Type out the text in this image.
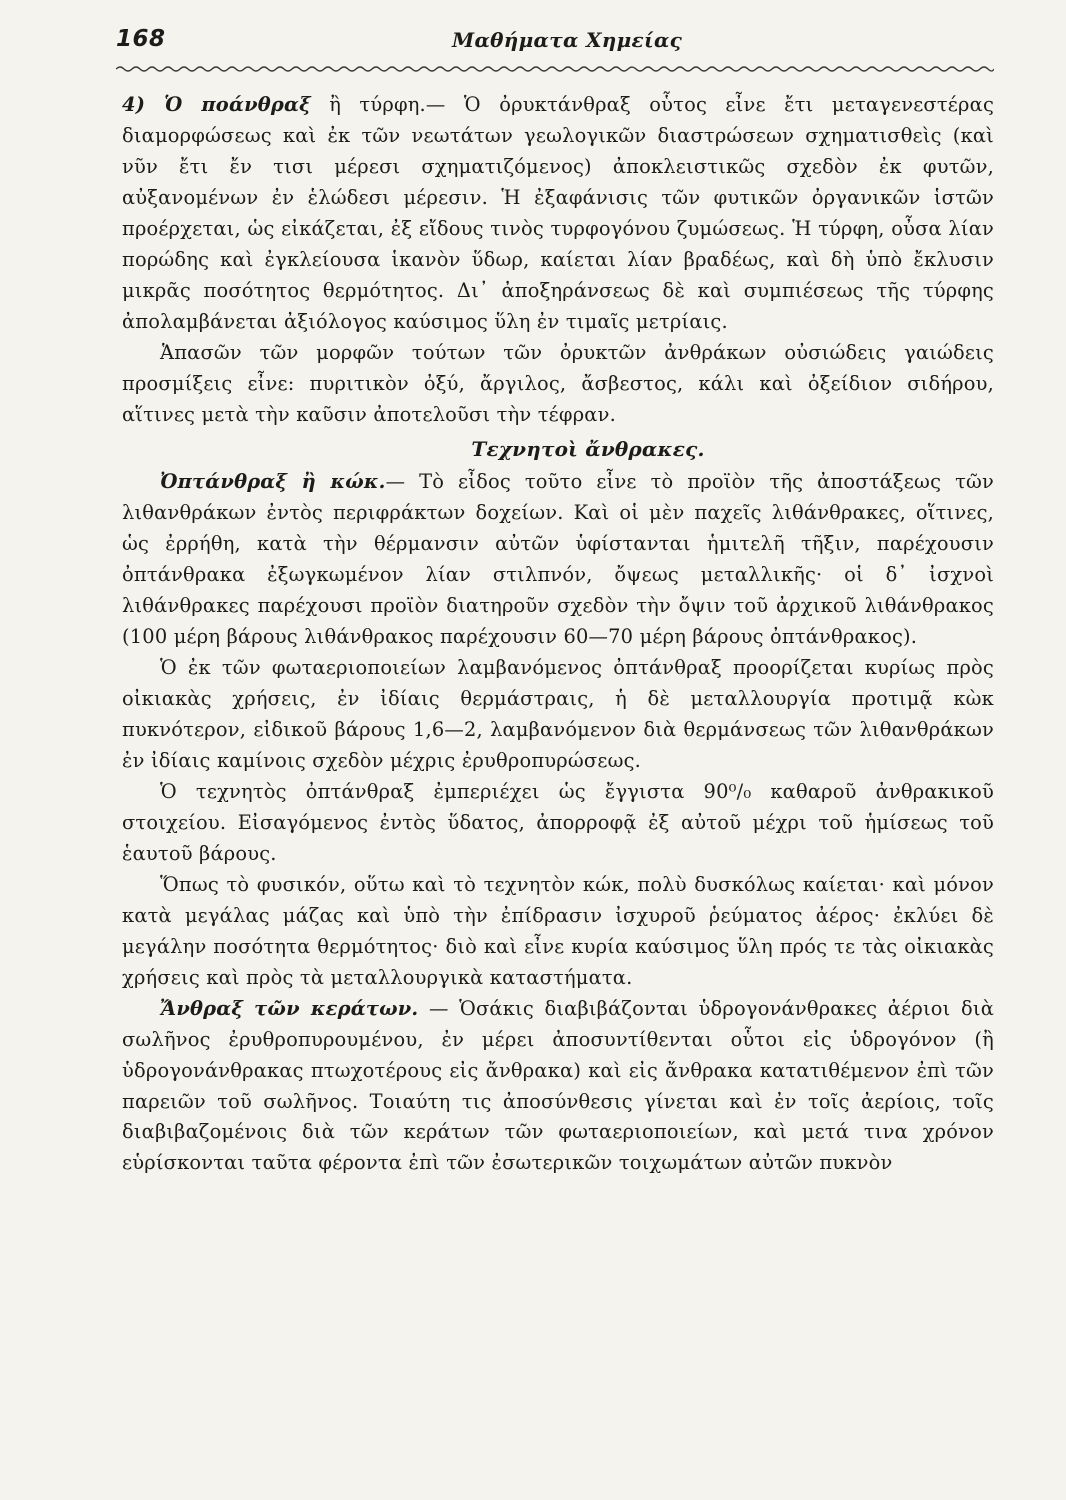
168	Μαθήματα Χημείας

4) Ὁ ποάνθραξ ἢ τύρφη.— Ὁ ὀρυκτάνθραξ οὗτος εἶνε ἔτι μεταγενεστέρας διαμορφώσεως καὶ ἐκ τῶν νεωτάτων γεωλογικῶν διαστρώσεων σχηματισθεὶς (καὶ νῦν ἔτι ἔν τισι μέρεσι σχηματιζόμενος) ἀποκλειστικῶς σχεδὸν ἐκ φυτῶν, αὐξανομένων ἐν ἑλώδεσι μέρεσιν. Ἡ ἐξαφάνισις τῶν φυτικῶν ὀργανικῶν ἱστῶν προέρχεται, ὡς εἰκάζεται, ἐξ εἴδους τινὸς τυρφογόνου ζυμώσεως. Ἡ τύρφη, οὖσα λίαν πορώδης καὶ ἐγκλείουσα ἱκανὸν ὕδωρ, καίεται λίαν βραδέως, καὶ δὴ ὑπὸ ἔκλυσιν μικρᾶς ποσότητος θερμότητος. Δι᾿ ἀποξηράνσεως δὲ καὶ συμπιέσεως τῆς τύρφης ἀπολαμβάνεται ἀξιόλογος καύσιμος ὕλη ἐν τιμαῖς μετρίαις.

Ἁπασῶν τῶν μορφῶν τούτων τῶν ὀρυκτῶν ἀνθράκων οὐσιώδεις γαιώδεις προσμίξεις εἶνε: πυριτικὸν ὀξύ, ἄργιλος, ἄσβεστος, κάλι καὶ ὀξείδιον σιδήρου, αἵτινες μετὰ τὴν καῦσιν ἀποτελοῦσι τὴν τέφραν.

Τεχνητοὶ ἄνθρακες.

Ὀπτάνθραξ ἢ κώκ.— Τὸ εἶδος τοῦτο εἶνε τὸ προϊὸν τῆς ἀποστάξεως τῶν λιθανθράκων ἐντὸς περιφράκτων δοχείων. Καὶ οἱ μὲν παχεῖς λιθάνθρακες, οἵτινες, ὡς ἐρρήθη, κατὰ τὴν θέρμανσιν αὐτῶν ὑφίστανται ἡμιτελῆ τῆξιν, παρέχουσιν ὀπτάνθρακα ἐξωγκωμένον λίαν στιλπνόν, ὄψεως μεταλλικῆς· οἱ δ᾿ ἰσχνοὶ λιθάνθρακες παρέχουσι προϊὸν διατηροῦν σχεδὸν τὴν ὄψιν τοῦ ἀρχικοῦ λιθάνθρακος (100 μέρη βάρους λιθάνθρακος παρέχουσιν 60—70 μέρη βάρους ὀπτάνθρακος).

Ὁ ἐκ τῶν φωταεριοποιείων λαμβανόμενος ὀπτάνθραξ προορίζεται κυρίως πρὸς οἰκιακὰς χρήσεις, ἐν ἰδίαις θερμάστραις, ἡ δὲ μεταλλουργία προτιμᾷ κὼκ πυκνότερον, εἰδικοῦ βάρους 1,6—2, λαμβανόμενον διὰ θερμάνσεως τῶν λιθανθράκων ἐν ἰδίαις καμίνοις σχεδὸν μέχρις ἐρυθροπυρώσεως.

Ὁ τεχνητὸς ὀπτάνθραξ ἐμπεριέχει ὡς ἔγγιστα 90⁰/₀ καθαροῦ ἀνθρακικοῦ στοιχείου. Εἰσαγόμενος ἐντὸς ὕδατος, ἀπορροφᾷ ἐξ αὐτοῦ μέχρι τοῦ ἡμίσεως τοῦ ἑαυτοῦ βάρους.

Ὅπως τὸ φυσικόν, οὕτω καὶ τὸ τεχνητὸν κώκ, πολὺ δυσκόλως καίεται· καὶ μόνον κατὰ μεγάλας μάζας καὶ ὑπὸ τὴν ἐπίδρασιν ἰσχυροῦ ῥεύματος ἀέρος· ἐκλύει δὲ μεγάλην ποσότητα θερμότητος· διὸ καὶ εἶνε κυρία καύσιμος ὕλη πρός τε τὰς οἰκιακὰς χρήσεις καὶ πρὸς τὰ μεταλλουργικὰ καταστήματα.

Ἄνθραξ τῶν κεράτων. — Ὁσάκις διαβιβάζονται ὑδρογονάνθρακες ἀέριοι διὰ σωλῆνος ἐρυθροπυρουμένου, ἐν μέρει ἀποσυντίθενται οὗτοι εἰς ὑδρογόνον (ἢ ὑδρογονάνθρακας πτωχοτέρους εἰς ἄνθρακα) καὶ εἰς ἄνθρακα κατατιθέμενον ἐπὶ τῶν παρειῶν τοῦ σωλῆνος. Τοιαύτη τις ἀποσύνθεσις γίνεται καὶ ἐν τοῖς ἀερίοις, τοῖς διαβιβαζομένοις διὰ τῶν κεράτων τῶν φωταεριοποιείων, καὶ μετά τινα χρόνον εὑρίσκονται ταῦτα φέροντα ἐπὶ τῶν ἐσωτερικῶν τοιχωμάτων αὐτῶν πυκνὸν
